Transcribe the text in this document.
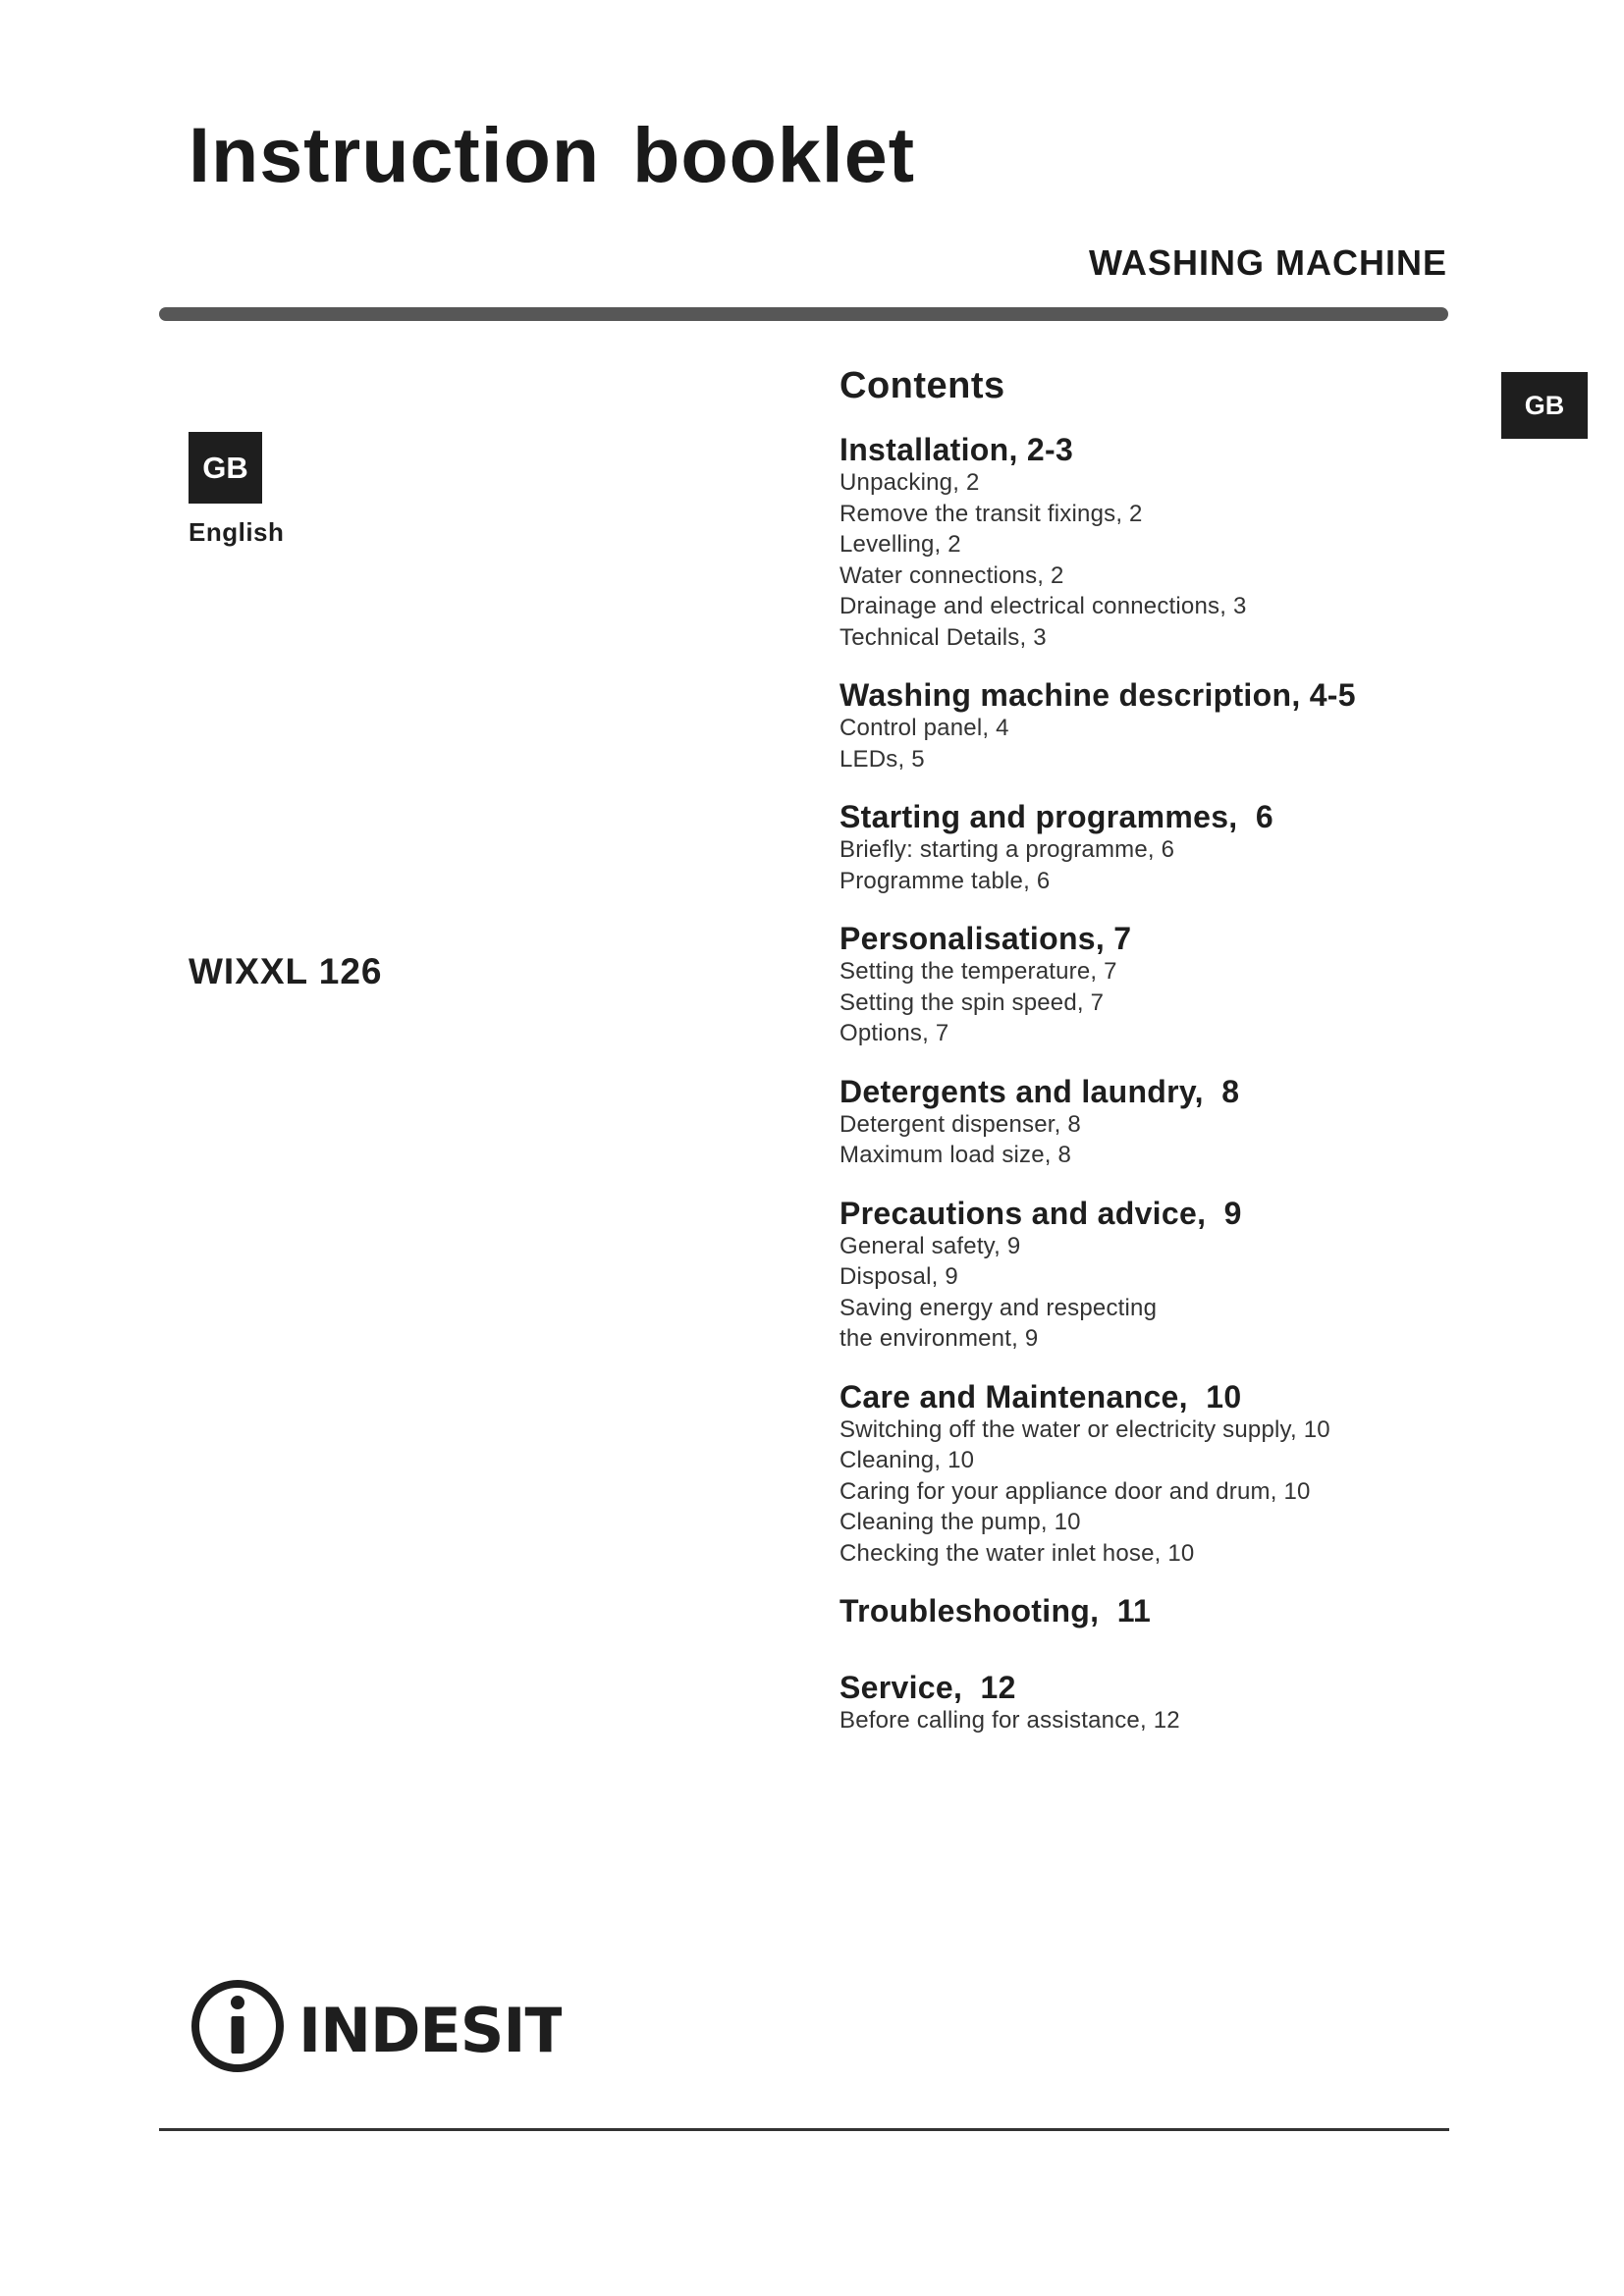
Instruction booklet
WASHING MACHINE
GB
English
GB
WIXXL 126
Contents
Installation, 2-3
Unpacking, 2
Remove the transit fixings, 2
Levelling, 2
Water connections, 2
Drainage and electrical connections, 3
Technical Details, 3
Washing machine description, 4-5
Control panel, 4
LEDs, 5
Starting and programmes,  6
Briefly: starting a programme, 6
Programme table, 6
Personalisations, 7
Setting the temperature, 7
Setting the spin speed, 7
Options, 7
Detergents and laundry,  8
Detergent dispenser, 8
Maximum load size, 8
Precautions and advice,  9
General safety, 9
Disposal, 9
Saving energy and respecting
the environment, 9
Care and Maintenance,  10
Switching off the water or electricity supply, 10
Cleaning, 10
Caring for your appliance door and drum, 10
Cleaning the pump, 10
Checking the water inlet hose, 10
Troubleshooting,  11
Service,  12
Before calling for assistance, 12
INDESIT
